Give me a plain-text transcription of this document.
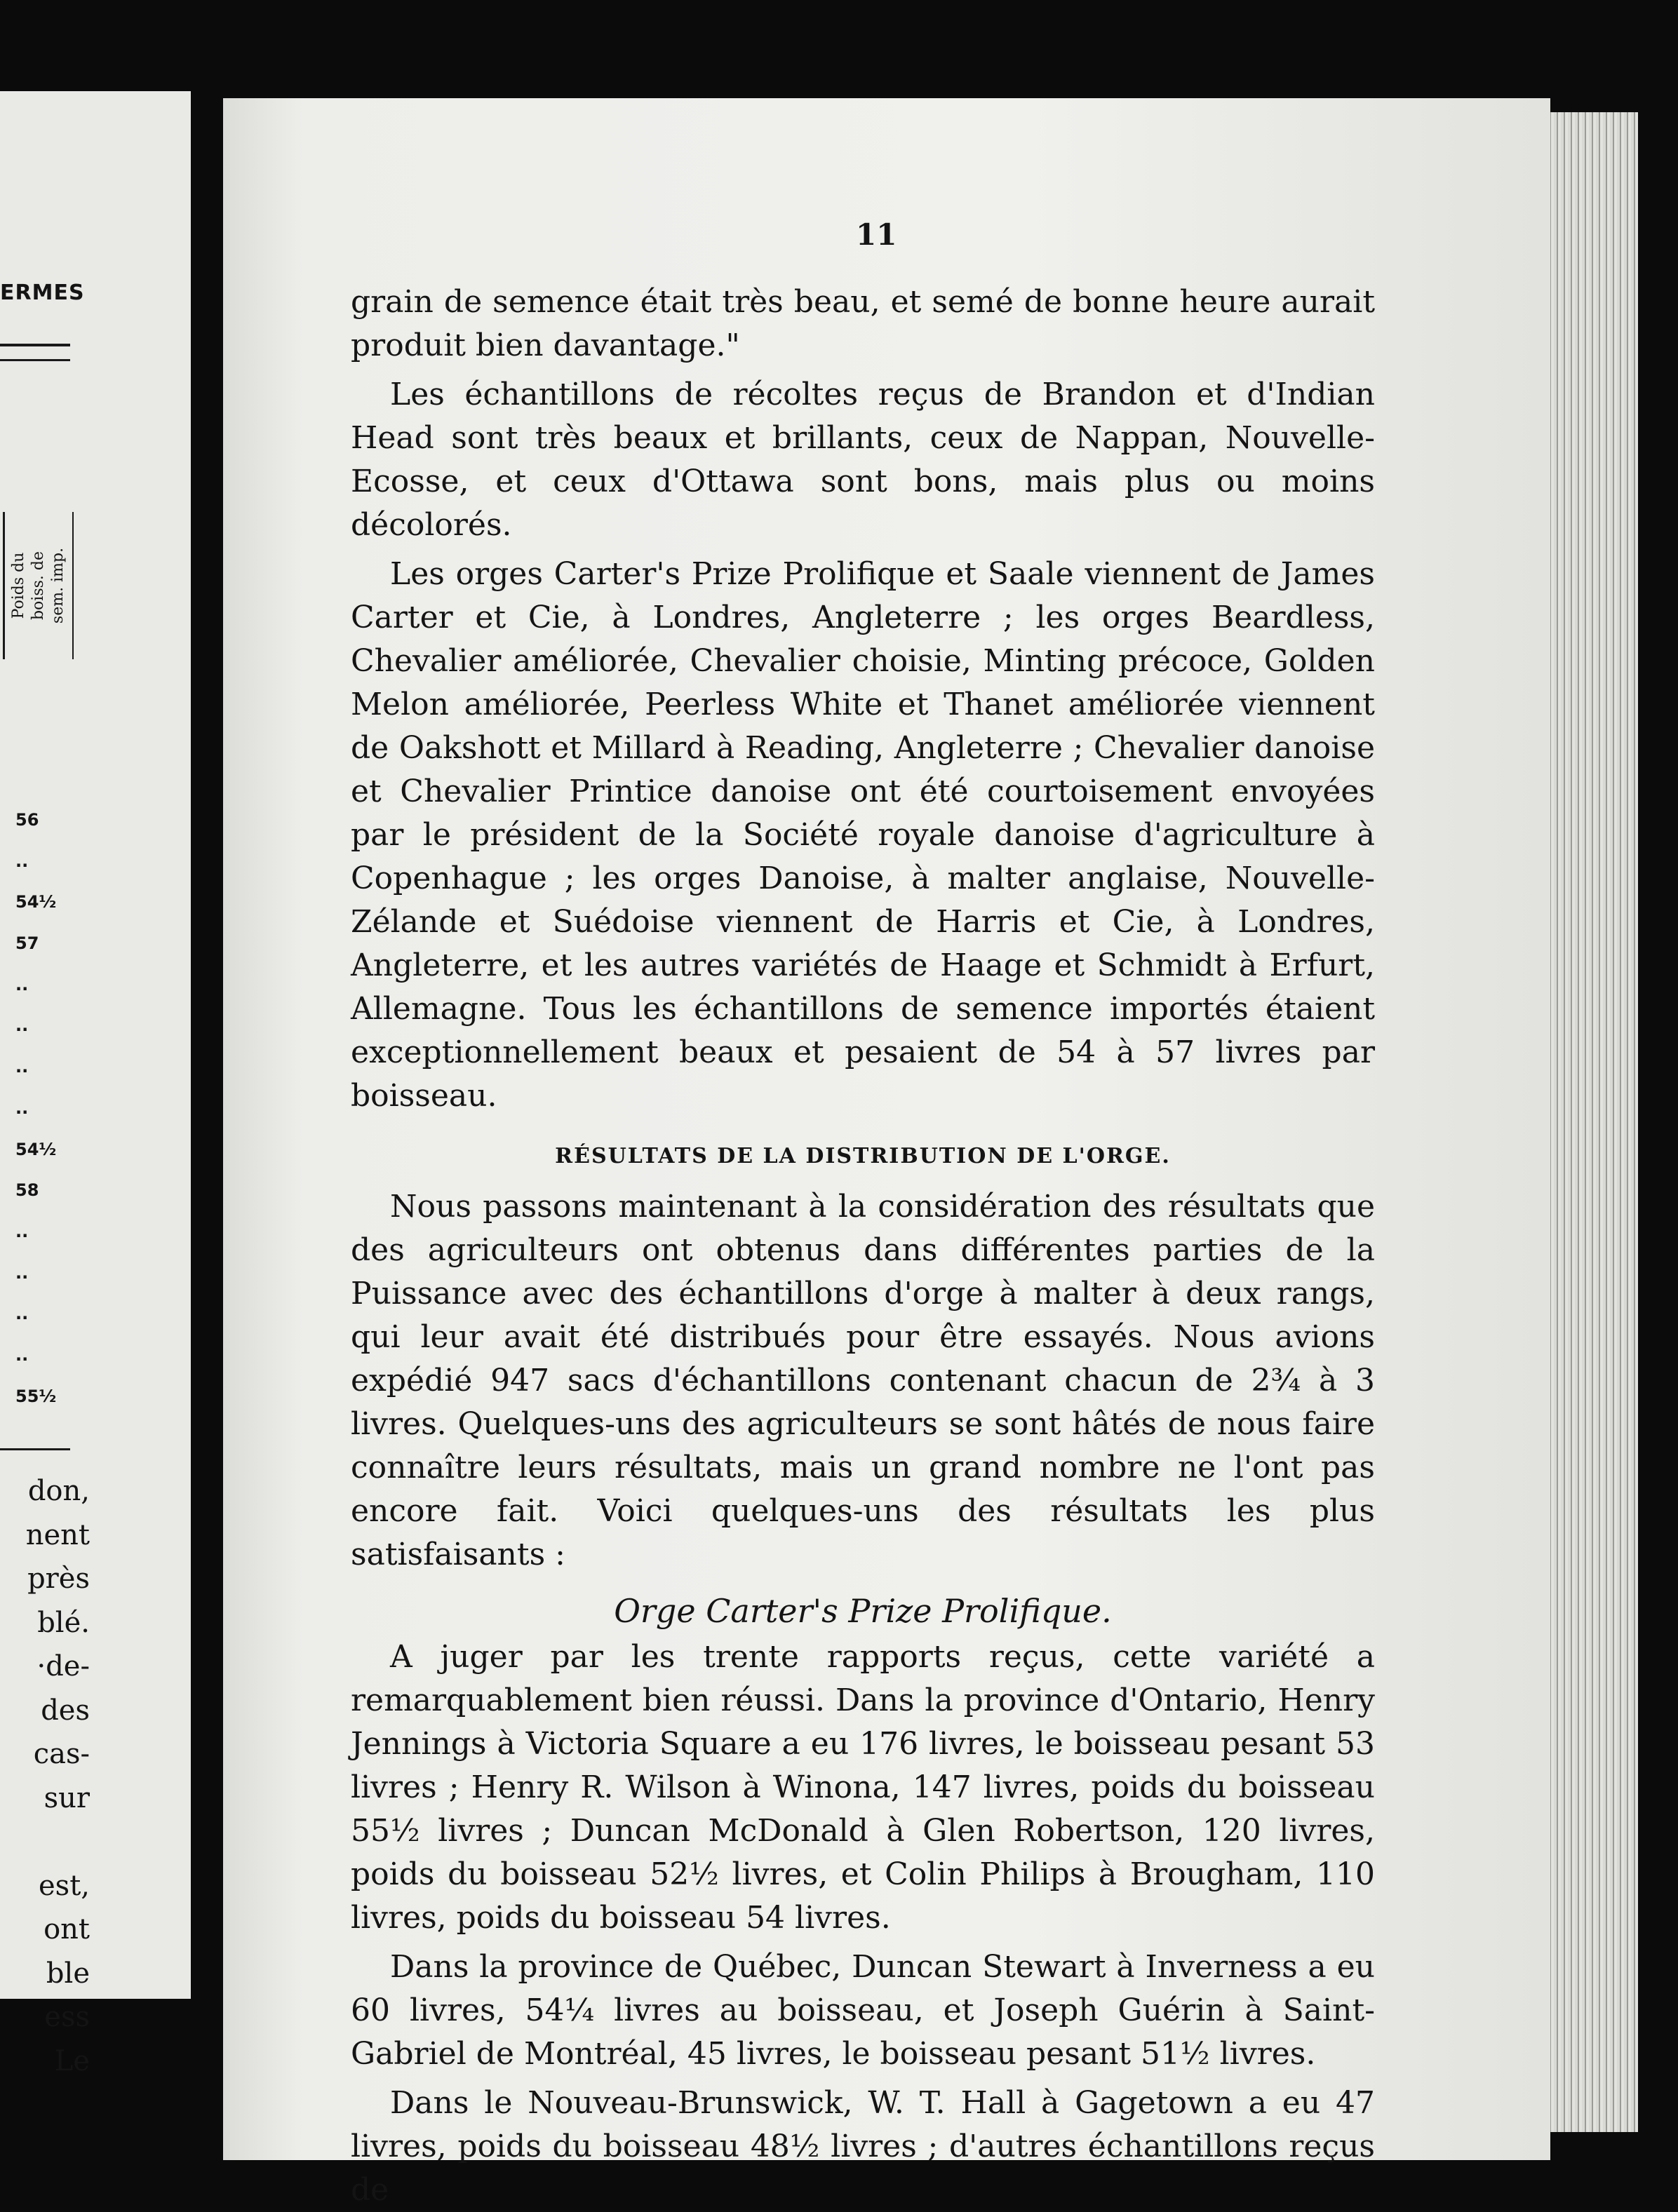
ERMES
Poids du boiss. de sem. imp.
56
..
54½
57
..
..
..
..
54½
58
..
..
..
..
55½
don,
nent
près
blé.
·de-
des
cas-
sur
est,
ont
ble
ess
Le
11

grain de semence était très beau, et semé de bonne heure aurait produit bien davantage."

Les échantillons de récoltes reçus de Brandon et d'Indian Head sont très beaux et brillants, ceux de Nappan, Nouvelle-Ecosse, et ceux d'Ottawa sont bons, mais plus ou moins décolorés.

Les orges Carter's Prize Prolifique et Saale viennent de James Carter et Cie, à Londres, Angleterre ; les orges Beardless, Chevalier améliorée, Chevalier choisie, Minting précoce, Golden Melon améliorée, Peerless White et Thanet améliorée viennent de Oakshott et Millard à Reading, Angleterre ; Chevalier danoise et Chevalier Printice danoise ont été courtoisement envoyées par le président de la Société royale danoise d'agriculture à Copenhague ; les orges Danoise, à malter anglaise, Nouvelle-Zélande et Suédoise viennent de Harris et Cie, à Londres, Angleterre, et les autres variétés de Haage et Schmidt à Erfurt, Allemagne. Tous les échantillons de semence importés étaient exceptionnellement beaux et pesaient de 54 à 57 livres par boisseau.

RÉSULTATS DE LA DISTRIBUTION DE L'ORGE.

Nous passons maintenant à la considération des résultats que des agriculteurs ont obtenus dans différentes parties de la Puissance avec des échantillons d'orge à malter à deux rangs, qui leur avait été distribués pour être essayés. Nous avions expédié 947 sacs d'échantillons contenant chacun de 2¾ à 3 livres. Quelques-uns des agriculteurs se sont hâtés de nous faire connaître leurs résultats, mais un grand nombre ne l'ont pas encore fait. Voici quelques-uns des résultats les plus satisfaisants :

Orge Carter's Prize Prolifique.

A juger par les trente rapports reçus, cette variété a remarquablement bien réussi. Dans la province d'Ontario, Henry Jennings à Victoria Square a eu 176 livres, le boisseau pesant 53 livres ; Henry R. Wilson à Winona, 147 livres, poids du boisseau 55½ livres ; Duncan McDonald à Glen Robertson, 120 livres, poids du boisseau 52½ livres, et Colin Philips à Brougham, 110 livres, poids du boisseau 54 livres.

Dans la province de Québec, Duncan Stewart à Inverness a eu 60 livres, 54¼ livres au boisseau, et Joseph Guérin à Saint-Gabriel de Montréal, 45 livres, le boisseau pesant 51½ livres.

Dans le Nouveau-Brunswick, W. T. Hall à Gagetown a eu 47 livres, poids du boisseau 48½ livres ; d'autres échantillons reçus de
